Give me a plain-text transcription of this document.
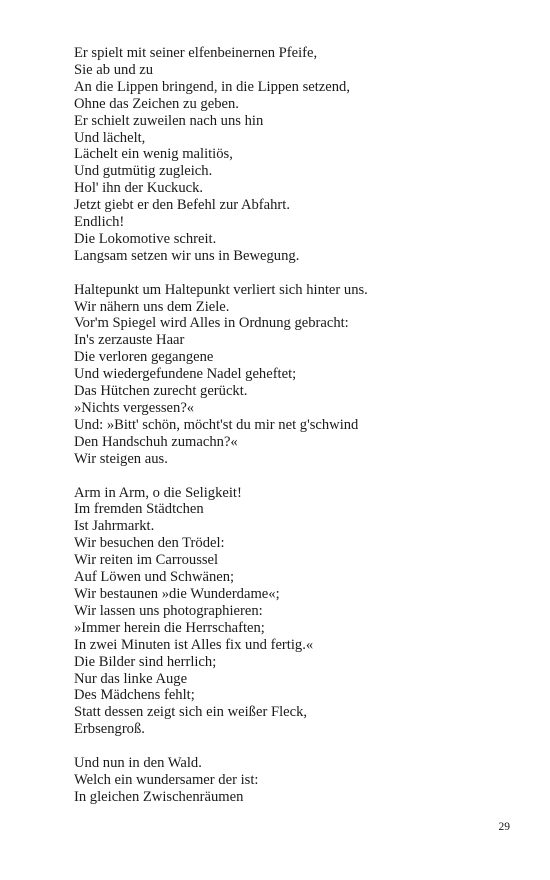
Er spielt mit seiner elfenbeinernen Pfeife,
Sie ab und zu
An die Lippen bringend, in die Lippen setzend,
Ohne das Zeichen zu geben.
Er schielt zuweilen nach uns hin
Und lächelt,
Lächelt ein wenig malitiös,
Und gutmütig zugleich.
Hol' ihn der Kuckuck.
Jetzt giebt er den Befehl zur Abfahrt.
Endlich!
Die Lokomotive schreit.
Langsam setzen wir uns in Bewegung.
Haltepunkt um Haltepunkt verliert sich hinter uns.
Wir nähern uns dem Ziele.
Vor'm Spiegel wird Alles in Ordnung gebracht:
In's zerzauste Haar
Die verloren gegangene
Und wiedergefundene Nadel geheftet;
Das Hütchen zurecht gerückt.
»Nichts vergessen?«
Und: »Bitt' schön, möcht'st du mir net g'schwind
Den Handschuh zumachn?«
Wir steigen aus.
Arm in Arm, o die Seligkeit!
Im fremden Städtchen
Ist Jahrmarkt.
Wir besuchen den Trödel:
Wir reiten im Carroussel
Auf Löwen und Schwänen;
Wir bestaunen »die Wunderdame«;
Wir lassen uns photographieren:
»Immer herein die Herrschaften;
In zwei Minuten ist Alles fix und fertig.«
Die Bilder sind herrlich;
Nur das linke Auge
Des Mädchens fehlt;
Statt dessen zeigt sich ein weißer Fleck,
Erbsengroß.
Und nun in den Wald.
Welch ein wundersamer der ist:
In gleichen Zwischenräumen
29
